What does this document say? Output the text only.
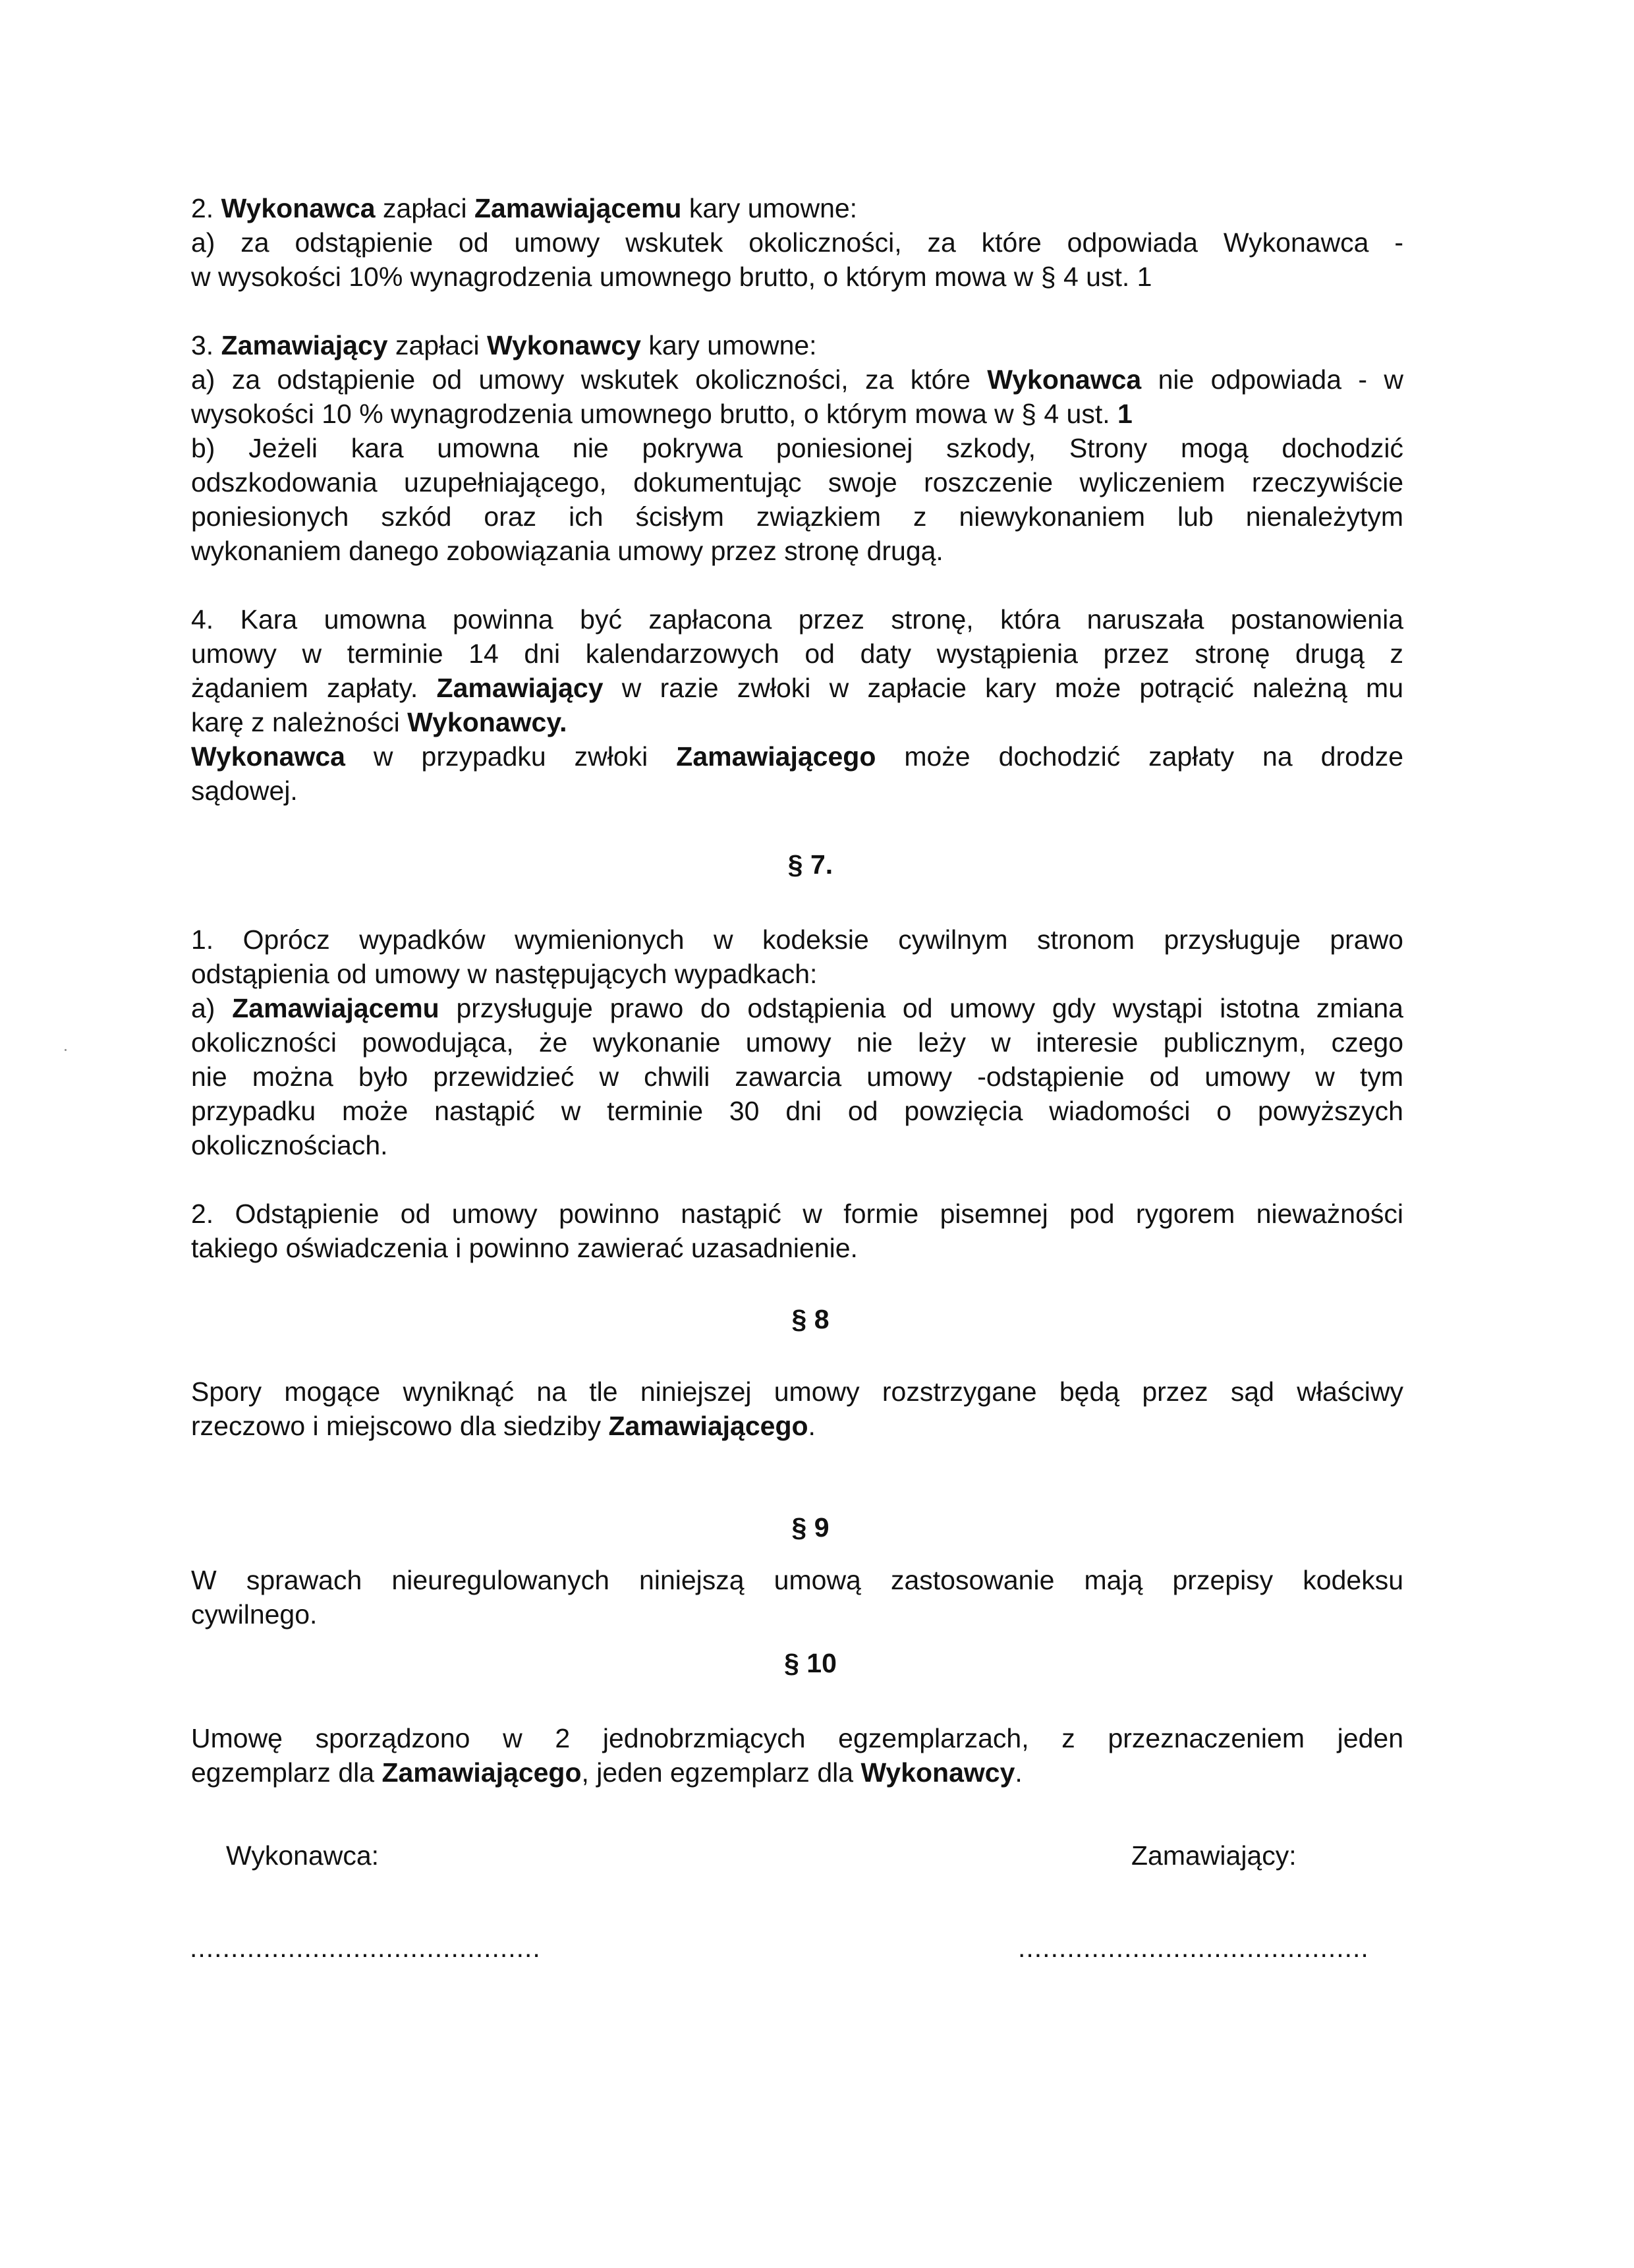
2. Wykonawca zapłaci Zamawiającemu kary umowne:
a) za odstąpienie od umowy wskutek okoliczności, za które odpowiada Wykonawca -
w wysokości 10% wynagrodzenia umownego brutto, o którym mowa w § 4 ust. 1
3. Zamawiający zapłaci Wykonawcy kary umowne:
a) za odstąpienie od umowy wskutek okoliczności, za które Wykonawca nie odpowiada - w
wysokości 10 % wynagrodzenia umownego brutto, o którym mowa w § 4 ust. 1
b) Jeżeli kara umowna nie pokrywa poniesionej szkody, Strony mogą dochodzić
odszkodowania uzupełniającego, dokumentując swoje roszczenie wyliczeniem rzeczywiście
poniesionych szkód oraz ich ścisłym związkiem z niewykonaniem lub nienależytym
wykonaniem danego zobowiązania umowy przez stronę drugą.
4. Kara umowna powinna być zapłacona przez stronę, która naruszała postanowienia
umowy w terminie 14 dni kalendarzowych od daty wystąpienia przez stronę drugą z
żądaniem zapłaty. Zamawiający w razie zwłoki w zapłacie kary może potrącić należną mu
karę z należności Wykonawcy.
Wykonawca w przypadku zwłoki Zamawiającego może dochodzić zapłaty na drodze
sądowej.

§ 7.

1. Oprócz wypadków wymienionych w kodeksie cywilnym stronom przysługuje prawo
odstąpienia od umowy w następujących wypadkach:
a) Zamawiającemu przysługuje prawo do odstąpienia od umowy gdy wystąpi istotna zmiana
okoliczności powodująca, że wykonanie umowy nie leży w interesie publicznym, czego
nie można było przewidzieć w chwili zawarcia umowy -odstąpienie od umowy w tym
przypadku może nastąpić w terminie 30 dni od powzięcia wiadomości o powyższych
okolicznościach.
2. Odstąpienie od umowy powinno nastąpić w formie pisemnej pod rygorem nieważności
takiego oświadczenia i powinno zawierać uzasadnienie.

§ 8

Spory mogące wyniknąć na tle niniejszej umowy rozstrzygane będą przez sąd właściwy
rzeczowo i miejscowo dla siedziby Zamawiającego.

§ 9

W sprawach nieuregulowanych niniejszą umową zastosowanie mają przepisy kodeksu
cywilnego.

§ 10

Umowę sporządzono w 2 jednobrzmiących egzemplarzach, z przeznaczeniem jeden
egzemplarz dla Zamawiającego, jeden egzemplarz dla Wykonawcy.
Wykonawca:	Zamawiający:
...........................................	...........................................
